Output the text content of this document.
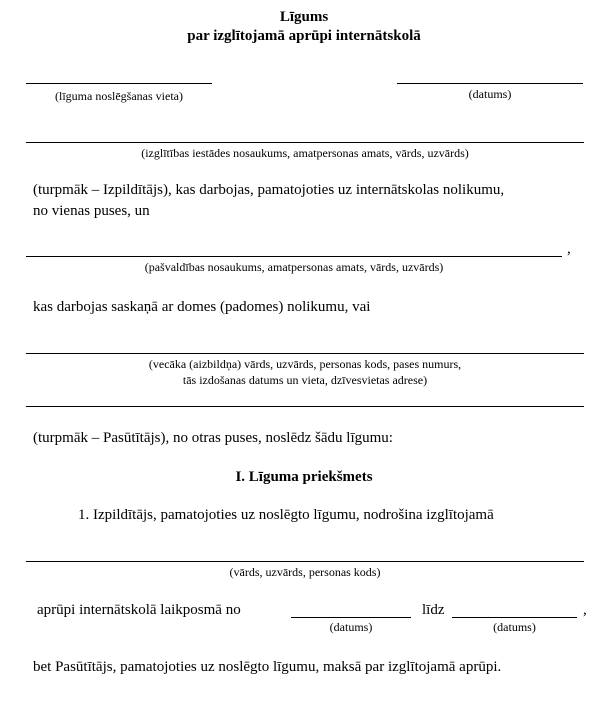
Līgums
par izglītojamā aprūpi internātskolā
(līguma noslēgšanas vieta)	(datums)
(izglītības iestādes nosaukums, amatpersonas amats, vārds, uzvārds)
(turpmāk – Izpildītājs), kas darbojas, pamatojoties uz internātskolas nolikumu,
no vienas puses, un
,
(pašvaldības nosaukums, amatpersonas amats, vārds, uzvārds)
kas darbojas saskaņā ar domes (padomes) nolikumu, vai
(vecāka (aizbildņa) vārds, uzvārds, personas kods, pases numurs,
tās izdošanas datums un vieta, dzīvesvietas adrese)
(turpmāk – Pasūtītājs), no otras puses, noslēdz šādu līgumu:
I. Līguma priekšmets
1. Izpildītājs, pamatojoties uz noslēgto līgumu, nodrošina izglītojamā
(vārds, uzvārds, personas kods)
aprūpi internātskolā laikposmā no
(datums)
līdz
(datums)
,
bet Pasūtītājs, pamatojoties uz noslēgto līgumu, maksā par izglītojamā aprūpi.
